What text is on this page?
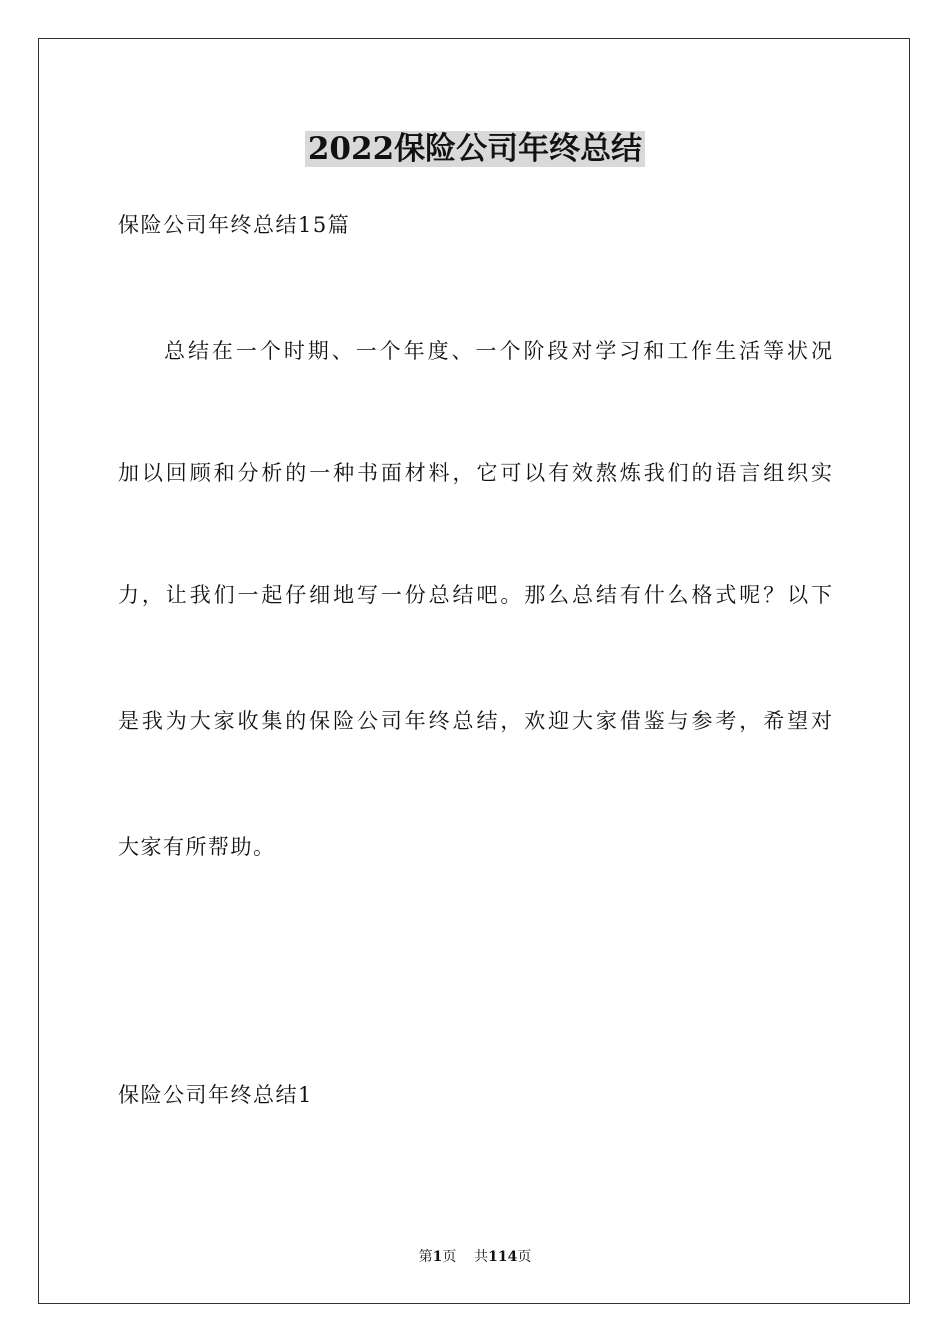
2022保险公司年终总结
保险公司年终总结15篇
总结在一个时期、一个年度、一个阶段对学习和工作生活等状况
加以回顾和分析的一种书面材料，它可以有效熬炼我们的语言组织实
力，让我们一起仔细地写一份总结吧。那么总结有什么格式呢？以下
是我为大家收集的保险公司年终总结，欢迎大家借鉴与参考，希望对
大家有所帮助。
保险公司年终总结1
第1页 共114页
